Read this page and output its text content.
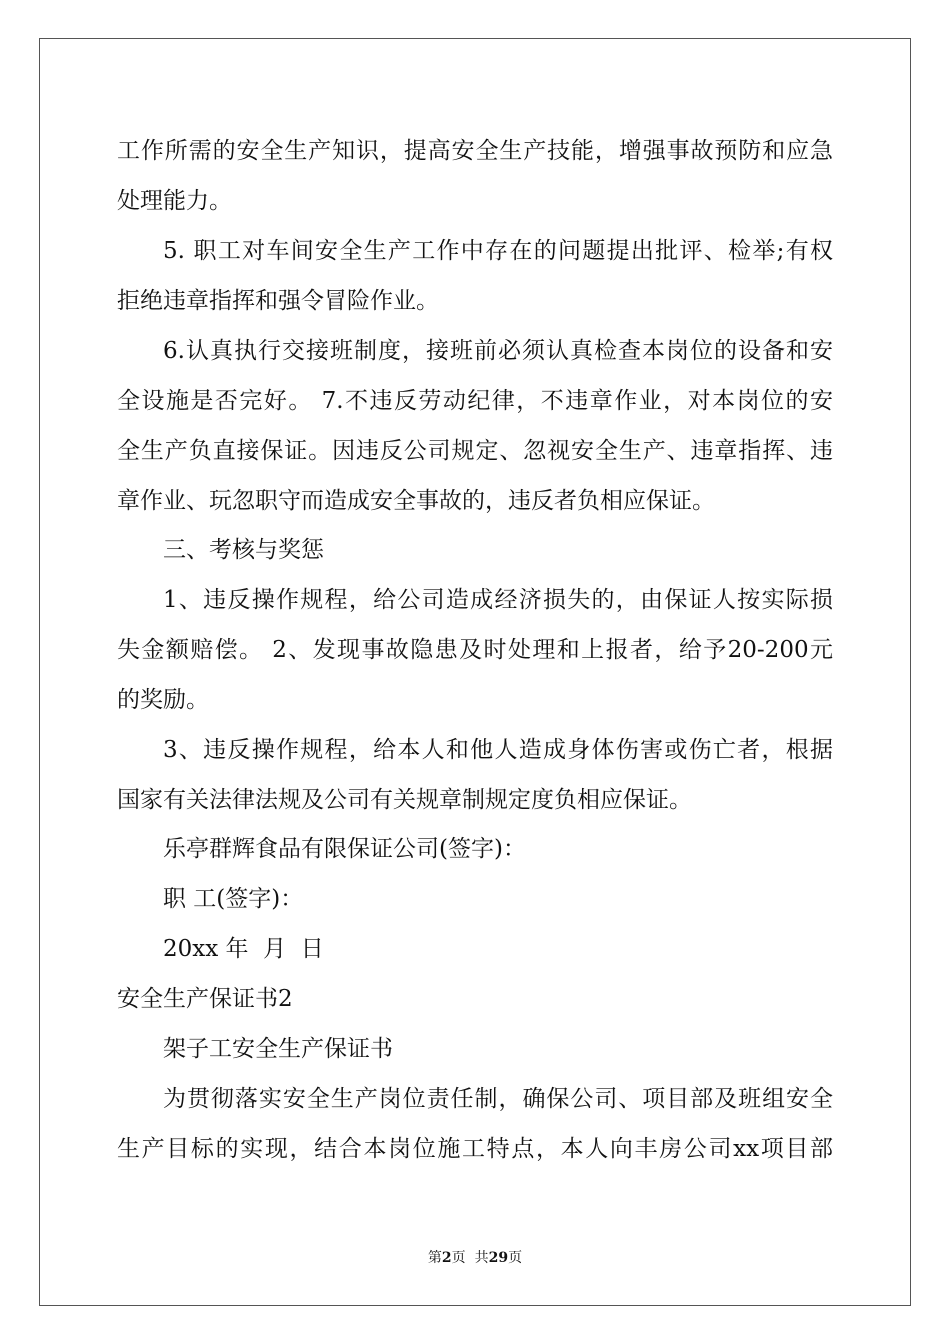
工作所需的安全生产知识，提高安全生产技能，增强事故预防和应急

处理能力。

5. 职工对车间安全生产工作中存在的问题提出批评、检举;有权

拒绝违章指挥和强令冒险作业。

6.认真执行交接班制度，接班前必须认真检查本岗位的设备和安

全设施是否完好。 7.不违反劳动纪律，不违章作业，对本岗位的安

全生产负直接保证。因违反公司规定、忽视安全生产、违章指挥、违

章作业、玩忽职守而造成安全事故的，违反者负相应保证。

三、考核与奖惩

1、违反操作规程，给公司造成经济损失的，由保证人按实际损

失金额赔偿。 2、发现事故隐患及时处理和上报者，给予20-200元

的奖励。

3、违反操作规程，给本人和他人造成身体伤害或伤亡者，根据

国家有关法律法规及公司有关规章制规定度负相应保证。

乐亭群辉食品有限保证公司(签字)：

职 工(签字)：

20xx 年  月  日

安全生产保证书2

架子工安全生产保证书

为贯彻落实安全生产岗位责任制，确保公司、项目部及班组安全

生产目标的实现，结合本岗位施工特点，本人向丰房公司xx项目部

第2页  共29页
